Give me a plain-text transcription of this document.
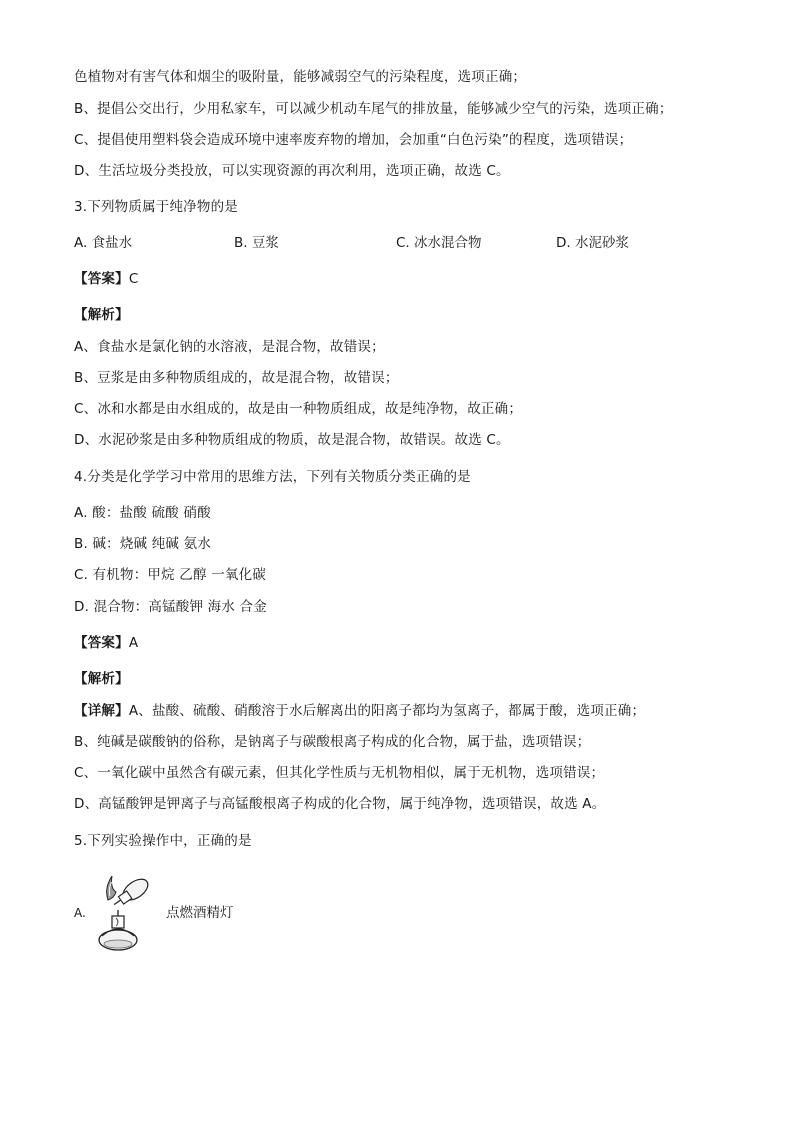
色植物对有害气体和烟尘的吸附量，能够减弱空气的污染程度，选项正确；
B、提倡公交出行，少用私家车，可以减少机动车尾气的排放量，能够减少空气的污染，选项正确；
C、提倡使用塑料袋会造成环境中速率废弃物的增加，会加重“白色污染”的程度，选项错误；
D、生活垃圾分类投放，可以实现资源的再次利用，选项正确，故选 C。
3.下列物质属于纯净物的是
A. 食盐水	B. 豆浆	C. 冰水混合物	D. 水泥砂浆
【答案】C
【解析】
A、食盐水是氯化钠的水溶液，是混合物，故错误；
B、豆浆是由多种物质组成的，故是混合物，故错误；
C、冰和水都是由水组成的，故是由一种物质组成，故是纯净物，故正确；
D、水泥砂浆是由多种物质组成的物质，故是混合物，故错误。故选 C。
4.分类是化学学习中常用的思维方法，下列有关物质分类正确的是
A. 酸：盐酸 硫酸 硝酸
B. 碱：烧碱 纯碱 氨水
C. 有机物：甲烷 乙醇 一氧化碳
D. 混合物：高锰酸钾 海水 合金
【答案】A
【解析】
【详解】A、盐酸、硫酸、硝酸溶于水后解离出的阳离子都均为氢离子，都属于酸，选项正确；
B、纯碱是碳酸钠的俗称，是钠离子与碳酸根离子构成的化合物，属于盐，选项错误；
C、一氧化碳中虽然含有碳元素，但其化学性质与无机物相似，属于无机物，选项错误；
D、高锰酸钾是钾离子与高锰酸根离子构成的化合物，属于纯净物，选项错误，故选 A。
5.下列实验操作中，正确的是
A.	点燃酒精灯
